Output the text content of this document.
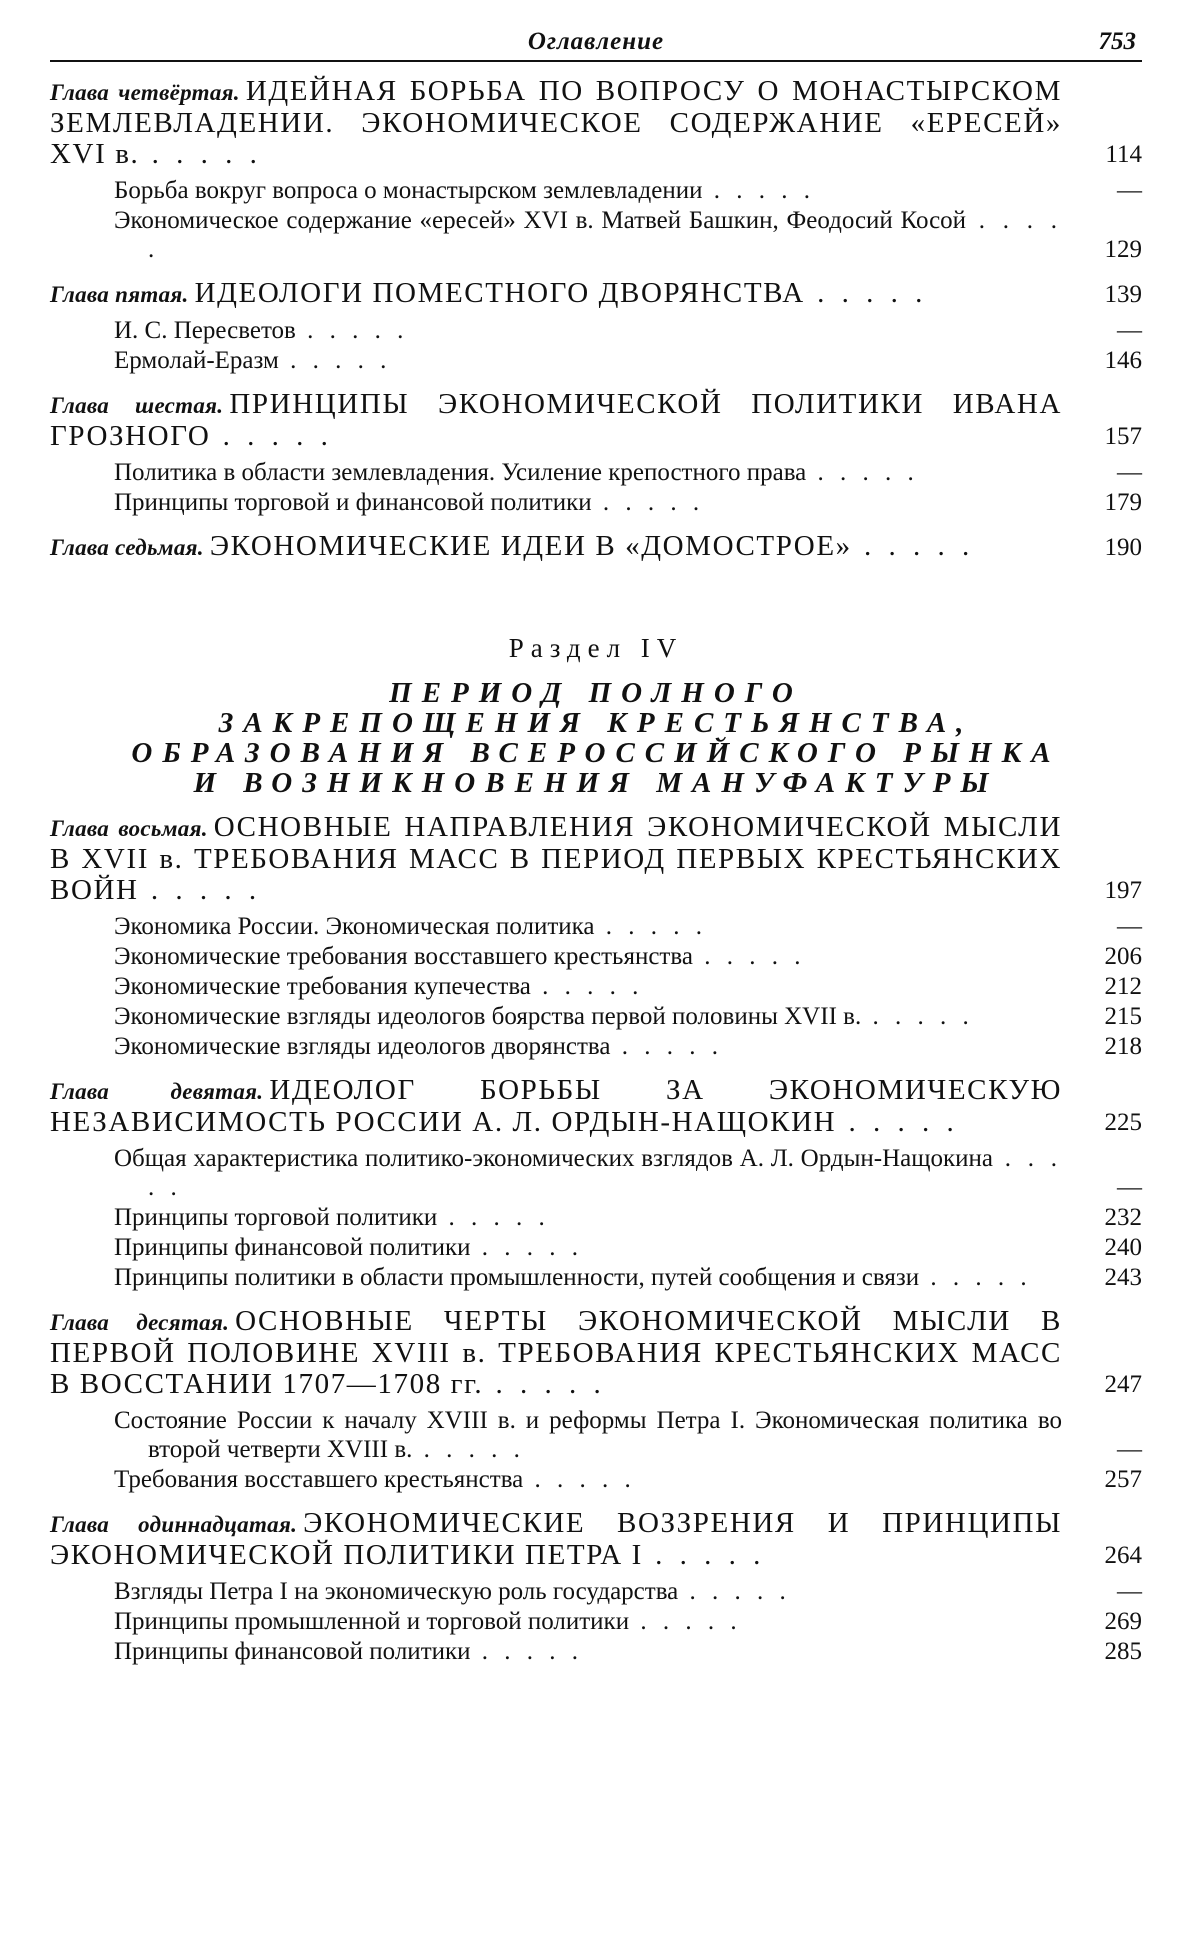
Оглавление	753
Глава четвёртая. ИДЕЙНАЯ БОРЬБА ПО ВОПРОСУ О МОНАСТЫРСКОМ ЗЕМЛЕВЛАДЕНИИ. ЭКОНОМИЧЕСКОЕ СОДЕРЖАНИЕ «ЕРЕСЕЙ» XVI в. . . . . .	114
Борьба вокруг вопроса о монастырском землевладении . . . . .	—
Экономическое содержание «ересей» XVI в. Матвей Башкин, Феодосий Косой . . . . .	129
Глава пятая. ИДЕОЛОГИ ПОМЕСТНОГО ДВОРЯНСТВА . . . . .	139
И. С. Пересветов . . . . .	—
Ермолай-Еразм . . . . .	146
Глава шестая. ПРИНЦИПЫ ЭКОНОМИЧЕСКОЙ ПОЛИТИКИ ИВАНА ГРОЗНОГО . . . . .	157
Политика в области землевладения. Усиление крепостного права . . . . .	—
Принципы торговой и финансовой политики . . . . .	179
Глава седьмая. ЭКОНОМИЧЕСКИЕ ИДЕИ В «ДОМОСТРОЕ» . . . . .	190
Раздел IV
ПЕРИОД ПОЛНОГО
ЗАКРЕПОЩЕНИЯ КРЕСТЬЯНСТВА,
ОБРАЗОВАНИЯ ВСЕРОССИЙСКОГО РЫНКА
И ВОЗНИКНОВЕНИЯ МАНУФАКТУРЫ
Глава восьмая. ОСНОВНЫЕ НАПРАВЛЕНИЯ ЭКОНОМИЧЕСКОЙ МЫСЛИ В XVII в. ТРЕБОВАНИЯ МАСС В ПЕРИОД ПЕРВЫХ КРЕСТЬЯНСКИХ ВОЙН . . . . .	197
Экономика России. Экономическая политика . . . . .	—
Экономические требования восставшего крестьянства . . . . .	206
Экономические требования купечества . . . . .	212
Экономические взгляды идеологов боярства первой половины XVII в. . . . . .	215
Экономические взгляды идеологов дворянства . . . . .	218
Глава девятая. ИДЕОЛОГ БОРЬБЫ ЗА ЭКОНОМИЧЕСКУЮ НЕЗАВИСИМОСТЬ РОССИИ А. Л. ОРДЫН-НАЩОКИН . . . . .	225
Общая характеристика политико-экономических взглядов А. Л. Ордын-Нащокина . . . . .	—
Принципы торговой политики . . . . .	232
Принципы финансовой политики . . . . .	240
Принципы политики в области промышленности, путей сообщения и связи . . . . .	243
Глава десятая. ОСНОВНЫЕ ЧЕРТЫ ЭКОНОМИЧЕСКОЙ МЫСЛИ В ПЕРВОЙ ПОЛОВИНЕ XVIII в. ТРЕБОВАНИЯ КРЕСТЬЯНСКИХ МАСС В ВОССТАНИИ 1707—1708 гг. . . . . .	247
Состояние России к началу XVIII в. и реформы Петра I. Экономическая политика во второй четверти XVIII в. . . . . .	—
Требования восставшего крестьянства . . . . .	257
Глава одиннадцатая. ЭКОНОМИЧЕСКИЕ ВОЗЗРЕНИЯ И ПРИНЦИПЫ ЭКОНОМИЧЕСКОЙ ПОЛИТИКИ ПЕТРА I . . . . .	264
Взгляды Петра I на экономическую роль государства . . . . .	—
Принципы промышленной и торговой политики . . . . .	269
Принципы финансовой политики . . . . .	285
